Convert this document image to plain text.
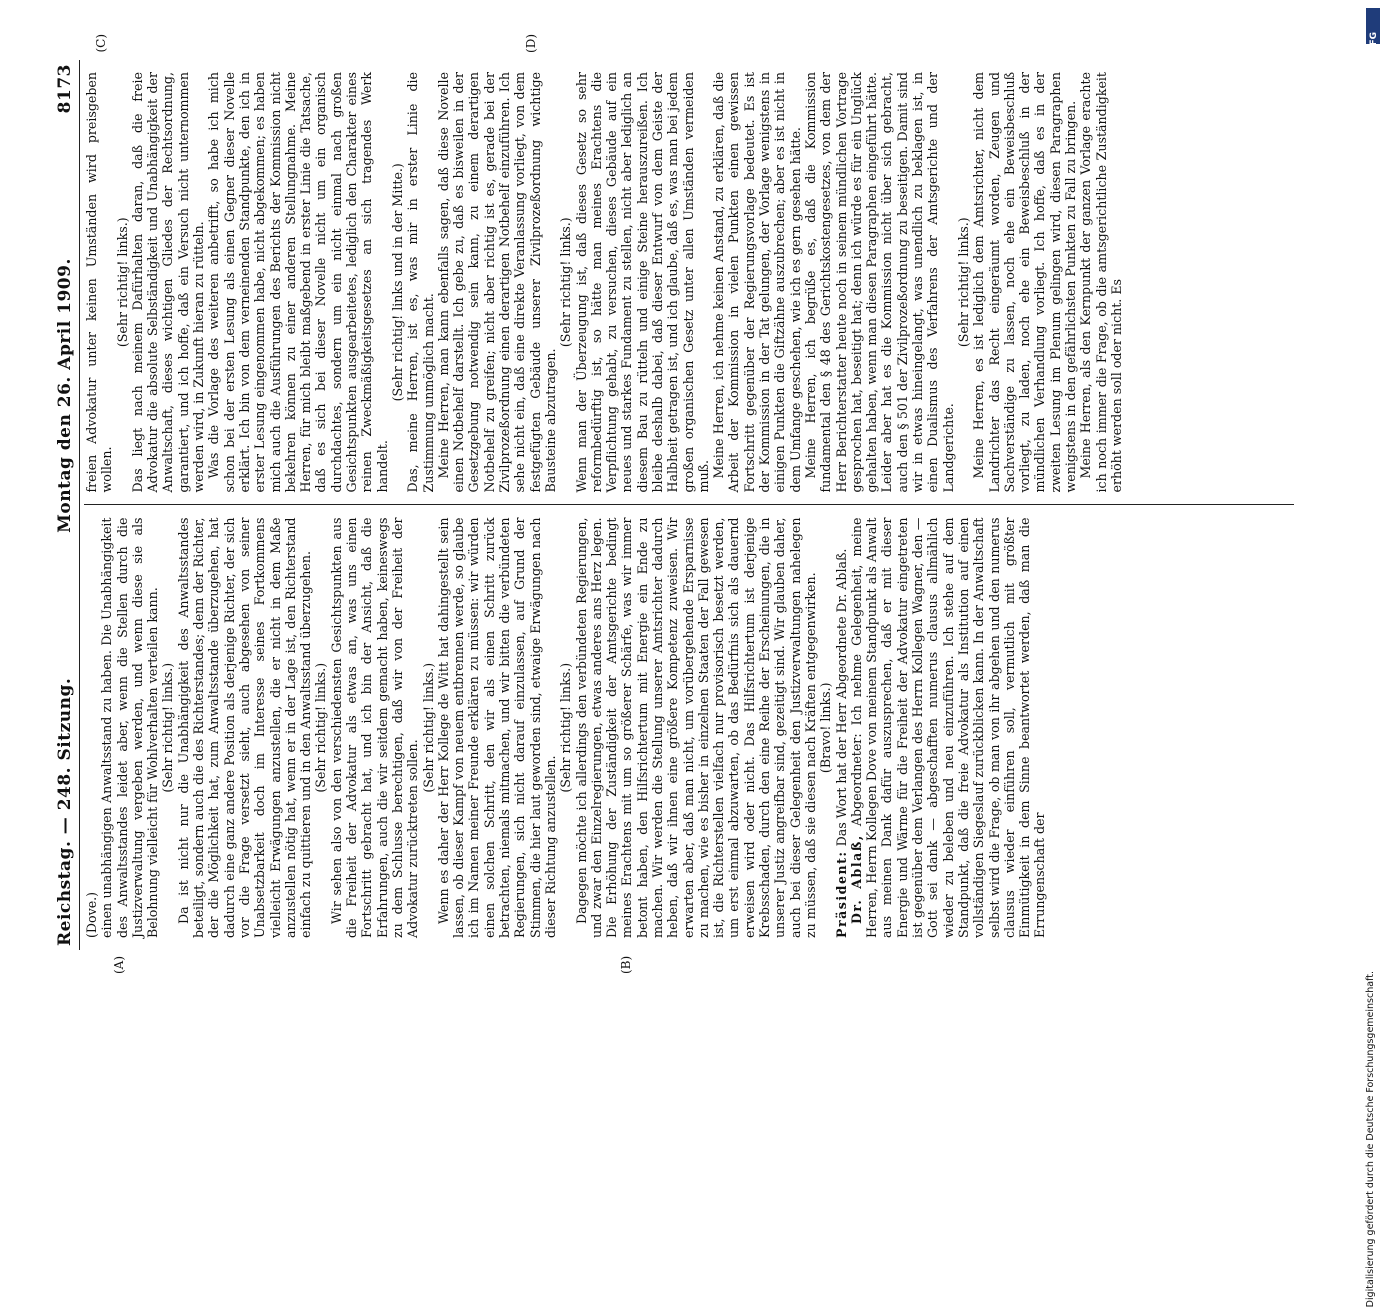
Reichstag. — 248. Sitzung.
Montag den 26. April 1909.
8173
(A)	(B)

(Dove.) einen unabhängigen Anwaltsstand zu haben. Die Unabhängigkeit des Anwaltsstandes leidet aber, wenn die Stellen durch die Justizverwaltung vergeben werden, und wenn diese sie als Belohnung vielleicht für Wohlverhalten verteilen kann. (Sehr richtig! links.) Da ist nicht nur die Unabhängigkeit des Anwaltsstandes beteiligt, sondern auch die des Richterstandes; denn der Richter, der die Möglichkeit hat, zum Anwaltsstande überzugehen, hat dadurch eine ganz andere Position als derjenige Richter, der sich vor die Frage versetzt sieht, auch abgesehen von seiner Unabsetzbarkeit doch im Interesse seines Fortkommens vielleicht Erwägungen anzustellen, die er nicht in dem Maße anzustellen nötig hat, wenn er in der Lage ist, den Richterstand einfach zu quittieren und in den Anwaltsstand überzugehen. (Sehr richtig! links.) Wir sehen also von den verschiedensten Gesichtspunkten aus die Freiheit der Advokatur als etwas an, was uns einen Fortschritt gebracht hat, und ich bin der Ansicht, daß die Erfahrungen, auch die wir seitdem gemacht haben, keineswegs zu dem Schlusse berechtigen, daß wir von der Freiheit der Advokatur zurücktreten sollen.

(Sehr richtig! links.) Wenn es daher der Herr Kollege de Witt hat dahingestellt sein lassen, ob dieser Kampf von neuem entbrennen werde, so glaube ich im Namen meiner Freunde erklären zu müssen: wir würden einen solchen Schritt, den wir als einen Schritt zurück betrachten, niemals mitmachen, und wir bitten die verbündeten Regierungen, sich nicht darauf einzulassen, auf Grund der Stimmen, die hier laut geworden sind, etwaige Erwägungen nach dieser Richtung anzustellen.

(Sehr richtig! links.) Dagegen möchte ich allerdings den verbündeten Regierungen, und zwar den Einzelregierungen, etwas anderes ans Herz legen. Die Erhöhung der Zuständigkeit der Amtsgerichte bedingt meines Erachtens mit um so größerer Schärfe, was wir immer betont haben, den Hilfsrichtertum mit Energie ein Ende zu machen. Wir werden die Stellung unserer Amtsrichter dadurch heben, daß wir ihnen eine größere Kompetenz zuweisen. Wir erwarten aber, daß man nicht, um vorübergehende Ersparnisse zu machen, wie es bisher in einzelnen Staaten der Fall gewesen ist, die Richterstellen vielfach nur provisorisch besetzt werden, um erst einmal abzuwarten, ob das Bedürfnis sich als dauernd erweisen wird oder nicht. Das Hilfsrichtertum ist derjenige Krebsschaden, durch den eine Reihe der Erscheinungen, die in unserer Justiz angreifbar sind, gezeitigt sind. Wir glauben daher, auch bei dieser Gelegenheit den Justizverwaltungen nahelegen zu müssen, daß sie diesen nach Kräften entgegenwirken. (Bravo! links.)

Präsident: Das Wort hat der Herr Abgeordnete Dr. Ablaß.

Dr. Ablaß, Abgeordneter: Ich nehme Gelegenheit, meine Herren, Herrn Kollegen Dove von meinem Standpunkt als Anwalt aus meinen Dank dafür auszusprechen, daß er mit dieser Energie und Wärme für die Freiheit der Advokatur eingetreten ist gegenüber dem Verlangen des Herrn Kollegen Wagner, den — Gott sei dank — abgeschafften numerus clausus allmählich wieder zu beleben und neu einzuführen. Ich stehe auf dem Standpunkt, daß die freie Advokatur als Institution auf einen vollständigen Siegeslauf zurückblicken kann. In der Anwaltschaft selbst wird die Frage, ob man von ihr abgehen und den numerus clausus wieder einführen soll, vermutlich mit größter Einmütigkeit in dem Sinne beantwortet werden, daß man die Errungenschaft der

(C)	(D)

freien Advokatur unter keinen Umständen wird preisgeben wollen.

(Sehr richtig! links.) Das liegt nach meinem Dafürhalten daran, daß die freie Advokatur die absolute Selbständigkeit und Unabhängigkeit der Anwaltschaft, dieses wichtigen Gliedes der Rechtsordnung, garantiert, und ich hoffe, daß ein Versuch nicht unternommen werden wird, in Zukunft hieran zu rütteln. Was die Vorlage des weiteren anbetrifft, so habe ich mich schon bei der ersten Lesung als einen Gegner dieser Novelle erklärt. Ich bin von dem verneinenden Standpunkte, den ich in erster Lesung eingenommen habe, nicht abgekommen; es haben mich auch die Ausführungen des Berichts der Kommission nicht bekehren können zu einer anderen Stellungnahme. Meine Herren, für mich bleibt maßgebend in erster Linie die Tatsache, daß es sich bei dieser Novelle nicht um ein organisch durchdachtes, sondern um ein nicht einmal nach großen Gesichtspunkten ausgearbeitetes, lediglich den Charakter eines reinen Zweckmäßigkeitsgesetzes an sich tragendes Werk handelt.

(Sehr richtig! links und in der Mitte.) Das, meine Herren, ist es, was mir in erster Linie die Zustimmung unmöglich macht. Meine Herren, man kann ebenfalls sagen, daß diese Novelle einen Notbehelf darstellt. Ich gebe zu, daß es bisweilen in der Gesetzgebung notwendig sein kann, zu einem derartigen Notbehelf zu greifen; nicht aber richtig ist es, gerade bei der Zivilprozeßordnung einen derartigen Notbehelf einzuführen. Ich sehe nicht ein, daß eine direkte Veranlassung vorliegt, von dem festgefügten Gebäude unserer Zivilprozeßordnung wichtige Bausteine abzutragen.

(Sehr richtig! links.) Wenn man der Überzeugung ist, daß dieses Gesetz so sehr reformbedürftig ist, so hätte man meines Erachtens die Verpflichtung gehabt, zu versuchen, dieses Gebäude auf ein neues und starkes Fundament zu stellen, nicht aber lediglich an diesem Bau zu rütteln und einige Steine herauszureißen. Ich bleibe deshalb dabei, daß dieser Entwurf von dem Geiste der Halbheit getragen ist, und ich glaube, daß es, was man bei jedem großen organischen Gesetz unter allen Umständen vermeiden muß. Meine Herren, ich nehme keinen Anstand, zu erklären, daß die Arbeit der Kommission in vielen Punkten einen gewissen Fortschritt gegenüber der Regierungsvorlage bedeutet. Es ist der Kommission in der Tat gelungen, der Vorlage wenigstens in einigen Punkten die Giftzähne auszubrechen; aber es ist nicht in dem Umfange geschehen, wie ich es gern gesehen hätte. Meine Herren, ich begrüße es, daß die Kommission fundamental den § 48 des Gerichtskostengesetzes, von dem der Herr Berichterstatter heute noch in seinem mündlichen Vortrage gesprochen hat, beseitigt hat; denn ich würde es für ein Unglück gehalten haben, wenn man diesen Paragraphen eingeführt hätte. Leider aber hat es die Kommission nicht über sich gebracht, auch den § 501 der Zivilprozeßordnung zu beseitigen. Damit sind wir in etwas hineingelangt, was unendlich zu beklagen ist, in einen Dualismus des Verfahrens der Amtsgerichte und der Landgerichte.

(Sehr richtig! links.) Meine Herren, es ist lediglich dem Amtsrichter, nicht dem Landrichter das Recht eingeräumt worden, Zeugen und Sachverständige zu lassen, noch ehe ein Beweisbeschluß vorliegt, zu laden, noch ehe ein Beweisbeschluß in der mündlichen Verhandlung vorliegt. Ich hoffe, daß es in der zweiten Lesung im Plenum gelingen wird, diesen Paragraphen wenigstens in den gefährlichsten Punkten zu Fall zu bringen. Meine Herren, als den Kernpunkt der ganzen Vorlage erachte ich noch immer die Frage, ob die amtsgerichtliche Zuständigkeit erhöht werden soll oder nicht. Es

DFG
Digitalisierung gefördert durch die Deutsche Forschungsgemeinschaft.
